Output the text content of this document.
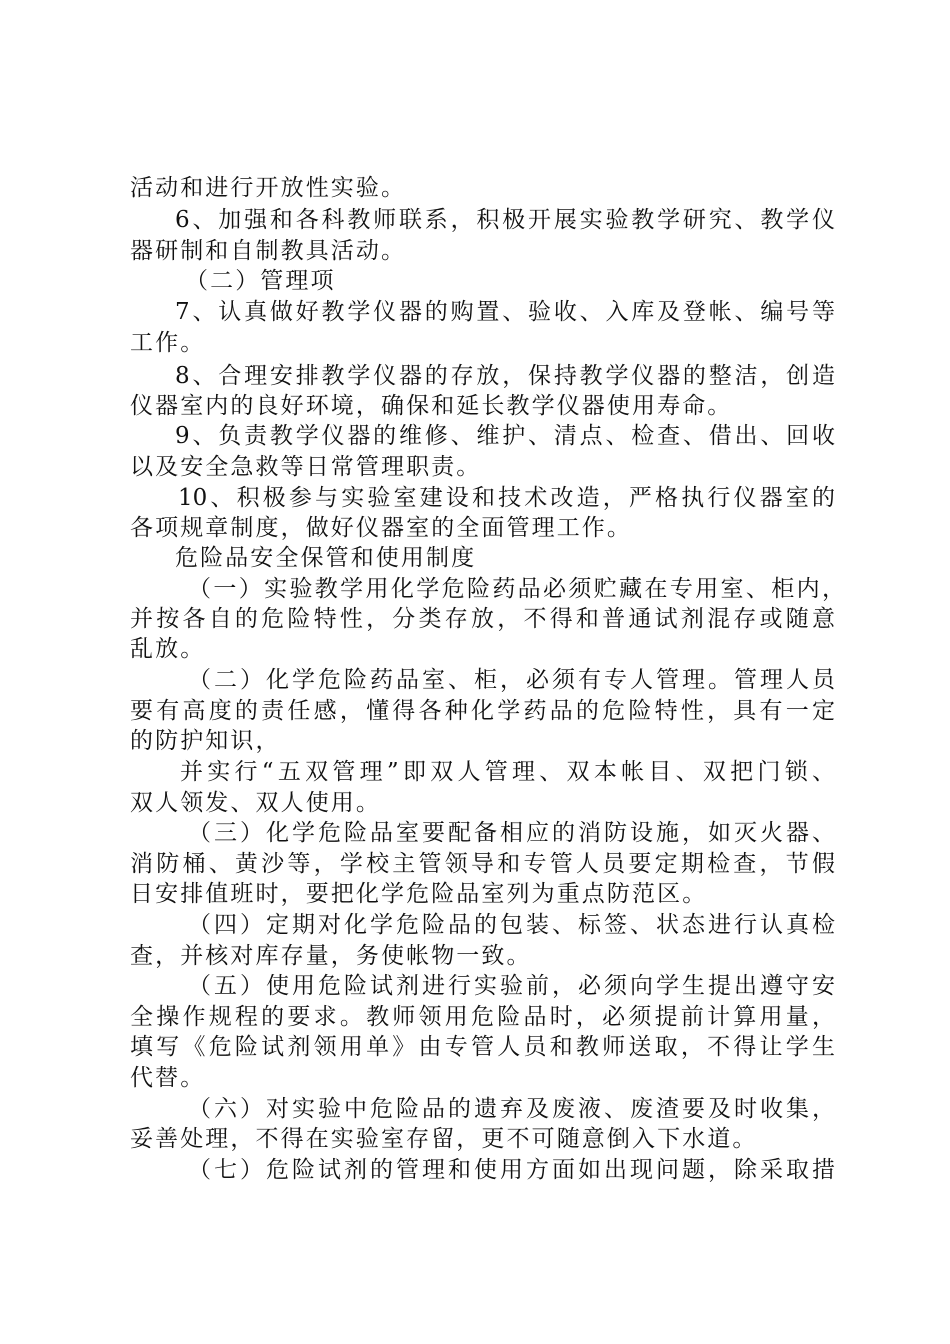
活动和进行开放性实验。
6、加强和各科教师联系，积极开展实验教学研究、教学仪
器研制和自制教具活动。
（二）管理项
7、认真做好教学仪器的购置、验收、入库及登帐、编号等
工作。
8、合理安排教学仪器的存放，保持教学仪器的整洁，创造
仪器室内的良好环境，确保和延长教学仪器使用寿命。
9、负责教学仪器的维修、维护、清点、检查、借出、回收
以及安全急救等日常管理职责。
10、积极参与实验室建设和技术改造，严格执行仪器室的
各项规章制度，做好仪器室的全面管理工作。
危险品安全保管和使用制度
（一）实验教学用化学危险药品必须贮藏在专用室、柜内，
并按各自的危险特性，分类存放，不得和普通试剂混存或随意
乱放。
（二）化学危险药品室、柜，必须有专人管理。管理人员
要有高度的责任感，懂得各种化学药品的危险特性，具有一定
的防护知识，
并实行“五双管理”即双人管理、双本帐目、双把门锁、
双人领发、双人使用。
（三）化学危险品室要配备相应的消防设施，如灭火器、
消防桶、黄沙等，学校主管领导和专管人员要定期检查，节假
日安排值班时，要把化学危险品室列为重点防范区。
（四）定期对化学危险品的包装、标签、状态进行认真检
查，并核对库存量，务使帐物一致。
（五）使用危险试剂进行实验前，必须向学生提出遵守安
全操作规程的要求。教师领用危险品时，必须提前计算用量，
填写《危险试剂领用单》由专管人员和教师送取，不得让学生
代替。
（六）对实验中危险品的遗弃及废液、废渣要及时收集，
妥善处理，不得在实验室存留，更不可随意倒入下水道。
（七）危险试剂的管理和使用方面如出现问题，除采取措
